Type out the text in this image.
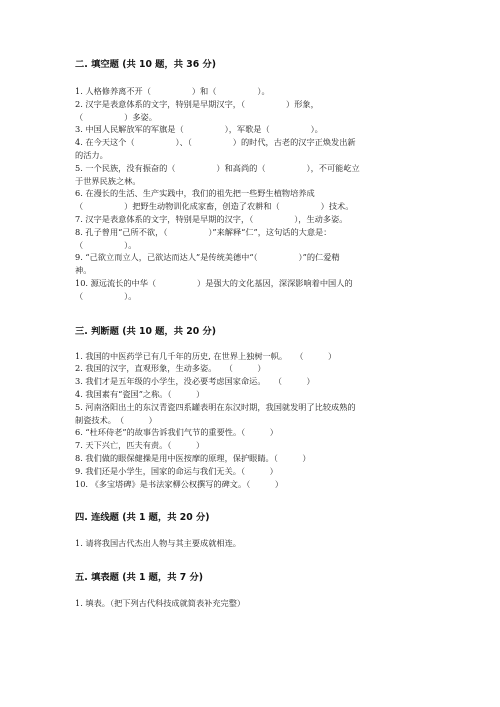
二. 填空题 (共 10 题，共 36 分)
1. 人格修养离不开（　　　　　）和（　　　　　）。
2. 汉字是表意体系的文字，特别是早期汉字，（　　　　　）形象，
（　　　　　）多姿。
3. 中国人民解放军的军旗是（　　　　　），军歌是（　　　　　）。
4. 在今天这个（　　　　　）、（　　　　　）的时代，古老的汉字正焕发出新
的活力。
5. 一个民族，没有振奋的（　　　　　）和高尚的（　　　　　），不可能屹立
于世界民族之林。
6. 在漫长的生活、生产实践中，我们的祖先把一些野生植物培养成
（　　　　　）把野生动物训化成家畜，创造了农耕和（　　　　　）技术。
7. 汉字是表意体系的文字，特别是早期的汉字，（　　　　　），生动多姿。
8. 孔子曾用“己所不欲，（　　　　　）”来解释“仁”，这句话的大意是：
（　　　　　）。
9. “己欲立而立人，己欲达而达人”是传统美德中“（　　　　　）”的仁爱精
神。
10. 源远流长的中华（　　　　　）是强大的文化基因，深深影响着中国人的
（　　　　　）。
三. 判断题 (共 10 题，共 20 分)
1. 我国的中医药学已有几千年的历史, 在世界上独树一帜。　　（　　　）
2. 我国的汉字，直观形象，生动多姿。　　（　　　）
3. 我们才是五年级的小学生，没必要考虑国家命运。　　（　　　）
4. 我国素有“瓷国”之称。（　　　）
5. 河南洛阳出土的东汉青瓷四系罐表明在东汉时期，我国就发明了比较成熟的
制瓷技术。　（　　　）
6. “杜环侍老”的故事告诉我们气节的重要性。（　　　）
7. 天下兴亡，匹夫有责。（　　　）
8. 我们做的眼保健操是用中医按摩的原理，保护眼睛。（　　　）
9. 我们还是小学生，国家的命运与我们无关。（　　　）
10. 《多宝塔碑》是书法家柳公权撰写的碑文。（　　　）
四. 连线题 (共 1 题，共 20 分)
1. 请将我国古代杰出人物与其主要成就相连。
五. 填表题 (共 1 题，共 7 分)
1. 填表。（把下列古代科技成就简表补充完整）
